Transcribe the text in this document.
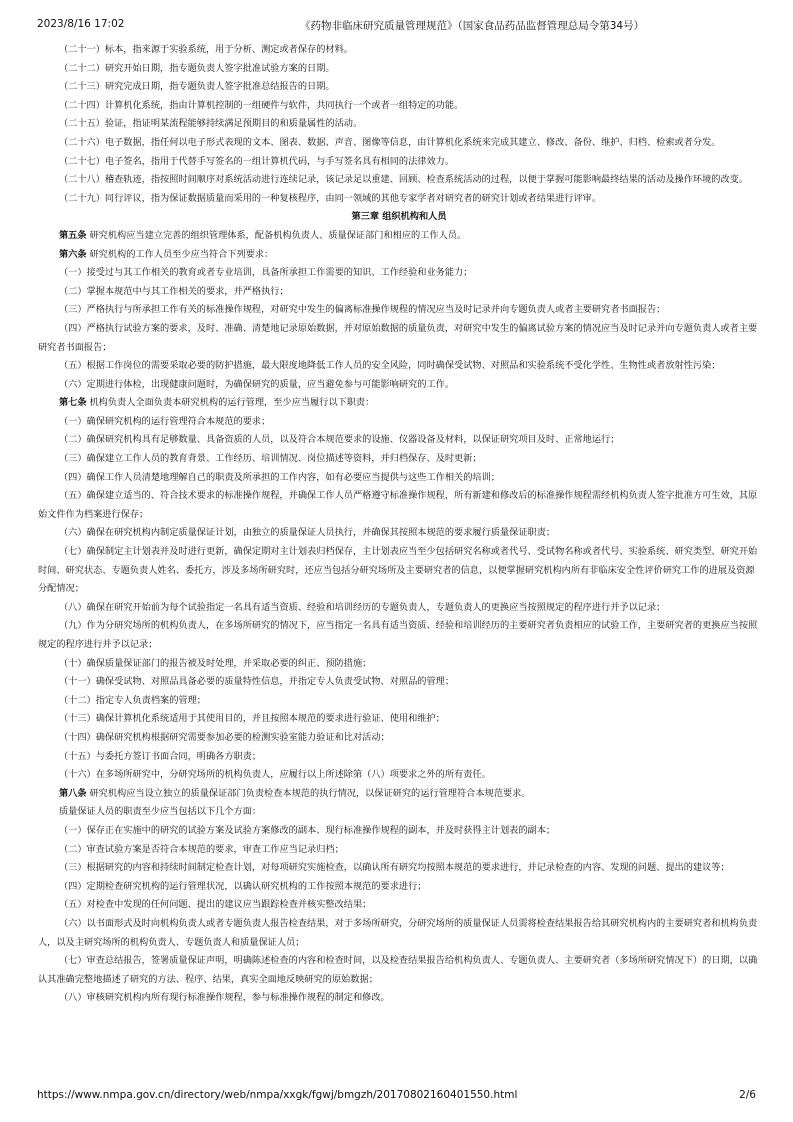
2023/8/16 17:02	《药物非临床研究质量管理规范》（国家食品药品监督管理总局令第34号）

（二十一）标本，指来源于实验系统，用于分析、测定或者保存的材料。

（二十二）研究开始日期，指专题负责人签字批准试验方案的日期。

（二十三）研究完成日期，指专题负责人签字批准总结报告的日期。

（二十四）计算机化系统，指由计算机控制的一组硬件与软件，共同执行一个或者一组特定的功能。

（二十五）验证，指证明某流程能够持续满足预期目的和质量属性的活动。

（二十六）电子数据，指任何以电子形式表现的文本、图表、数据、声音、图像等信息，由计算机化系统来完成其建立、修改、备份、维护、归档、检索或者分发。

（二十七）电子签名，指用于代替手写签名的一组计算机代码，与手写签名具有相同的法律效力。

（二十八）稽查轨迹，指按照时间顺序对系统活动进行连续记录，该记录足以重建、回顾、检查系统活动的过程，以便于掌握可能影响最终结果的活动及操作环境的改变。

（二十九）同行评议，指为保证数据质量而采用的一种复核程序，由同一领域的其他专家学者对研究者的研究计划或者结果进行评审。

第三章 组织机构和人员

第五条 研究机构应当建立完善的组织管理体系，配备机构负责人、质量保证部门和相应的工作人员。

第六条 研究机构的工作人员至少应当符合下列要求：

（一）接受过与其工作相关的教育或者专业培训，具备所承担工作需要的知识、工作经验和业务能力；

（二）掌握本规范中与其工作相关的要求，并严格执行；

（三）严格执行与所承担工作有关的标准操作规程，对研究中发生的偏离标准操作规程的情况应当及时记录并向专题负责人或者主要研究者书面报告；

（四）严格执行试验方案的要求，及时、准确、清楚地记录原始数据，并对原始数据的质量负责，对研究中发生的偏离试验方案的情况应当及时记录并向专题负责人或者主要研究者书面报告；

（五）根据工作岗位的需要采取必要的防护措施，最大限度地降低工作人员的安全风险，同时确保受试物、对照品和实验系统不受化学性、生物性或者放射性污染；

（六）定期进行体检，出现健康问题时，为确保研究的质量，应当避免参与可能影响研究的工作。

第七条 机构负责人全面负责本研究机构的运行管理，至少应当履行以下职责：

（一）确保研究机构的运行管理符合本规范的要求；

（二）确保研究机构具有足够数量、具备资质的人员，以及符合本规范要求的设施、仪器设备及材料，以保证研究项目及时、正常地运行；

（三）确保建立工作人员的教育背景、工作经历、培训情况、岗位描述等资料，并归档保存、及时更新；

（四）确保工作人员清楚地理解自己的职责及所承担的工作内容，如有必要应当提供与这些工作相关的培训；

（五）确保建立适当的、符合技术要求的标准操作规程，并确保工作人员严格遵守标准操作规程，所有新建和修改后的标准操作规程需经机构负责人签字批准方可生效，其原始文件作为档案进行保存；

（六）确保在研究机构内制定质量保证计划，由独立的质量保证人员执行，并确保其按照本规范的要求履行质量保证职责；

（七）确保制定主计划表并及时进行更新，确保定期对主计划表归档保存，主计划表应当至少包括研究名称或者代号、受试物名称或者代号、实验系统、研究类型、研究开始时间、研究状态、专题负责人姓名、委托方，涉及多场所研究时，还应当包括分研究场所及主要研究者的信息，以便掌握研究机构内所有非临床安全性评价研究工作的进展及资源分配情况；

（八）确保在研究开始前为每个试验指定一名具有适当资质、经验和培训经历的专题负责人，专题负责人的更换应当按照规定的程序进行并予以记录；

（九）作为分研究场所的机构负责人，在多场所研究的情况下，应当指定一名具有适当资质、经验和培训经历的主要研究者负责相应的试验工作，主要研究者的更换应当按照规定的程序进行并予以记录；

（十）确保质量保证部门的报告被及时处理，并采取必要的纠正、预防措施；

（十一）确保受试物、对照品具备必要的质量特性信息，并指定专人负责受试物、对照品的管理；

（十二）指定专人负责档案的管理；

（十三）确保计算机化系统适用于其使用目的，并且按照本规范的要求进行验证、使用和维护；

（十四）确保研究机构根据研究需要参加必要的检测实验室能力验证和比对活动；

（十五）与委托方签订书面合同，明确各方职责；

（十六）在多场所研究中，分研究场所的机构负责人，应履行以上所述除第（八）项要求之外的所有责任。

第八条 研究机构应当设立独立的质量保证部门负责检查本规范的执行情况，以保证研究的运行管理符合本规范要求。

质量保证人员的职责至少应当包括以下几个方面：

（一）保存正在实施中的研究的试验方案及试验方案修改的副本、现行标准操作规程的副本，并及时获得主计划表的副本；

（二）审查试验方案是否符合本规范的要求，审查工作应当记录归档；

（三）根据研究的内容和持续时间制定检查计划，对每项研究实施检查，以确认所有研究均按照本规范的要求进行，并记录检查的内容、发现的问题、提出的建议等；

（四）定期检查研究机构的运行管理状况，以确认研究机构的工作按照本规范的要求进行；

（五）对检查中发现的任何问题、提出的建议应当跟踪检查并核实整改结果；

（六）以书面形式及时向机构负责人或者专题负责人报告检查结果，对于多场所研究，分研究场所的质量保证人员需将检查结果报告给其研究机构内的主要研究者和机构负责人，以及主研究场所的机构负责人、专题负责人和质量保证人员；

（七）审查总结报告，签署质量保证声明，明确陈述检查的内容和检查时间，以及检查结果报告给机构负责人、专题负责人、主要研究者（多场所研究情况下）的日期，以确认其准确完整地描述了研究的方法、程序、结果，真实全面地反映研究的原始数据；

（八）审核研究机构内所有现行标准操作规程，参与标准操作规程的制定和修改。

https://www.nmpa.gov.cn/directory/web/nmpa/xxgk/fgwj/bmgzh/20170802160401550.html	2/6
